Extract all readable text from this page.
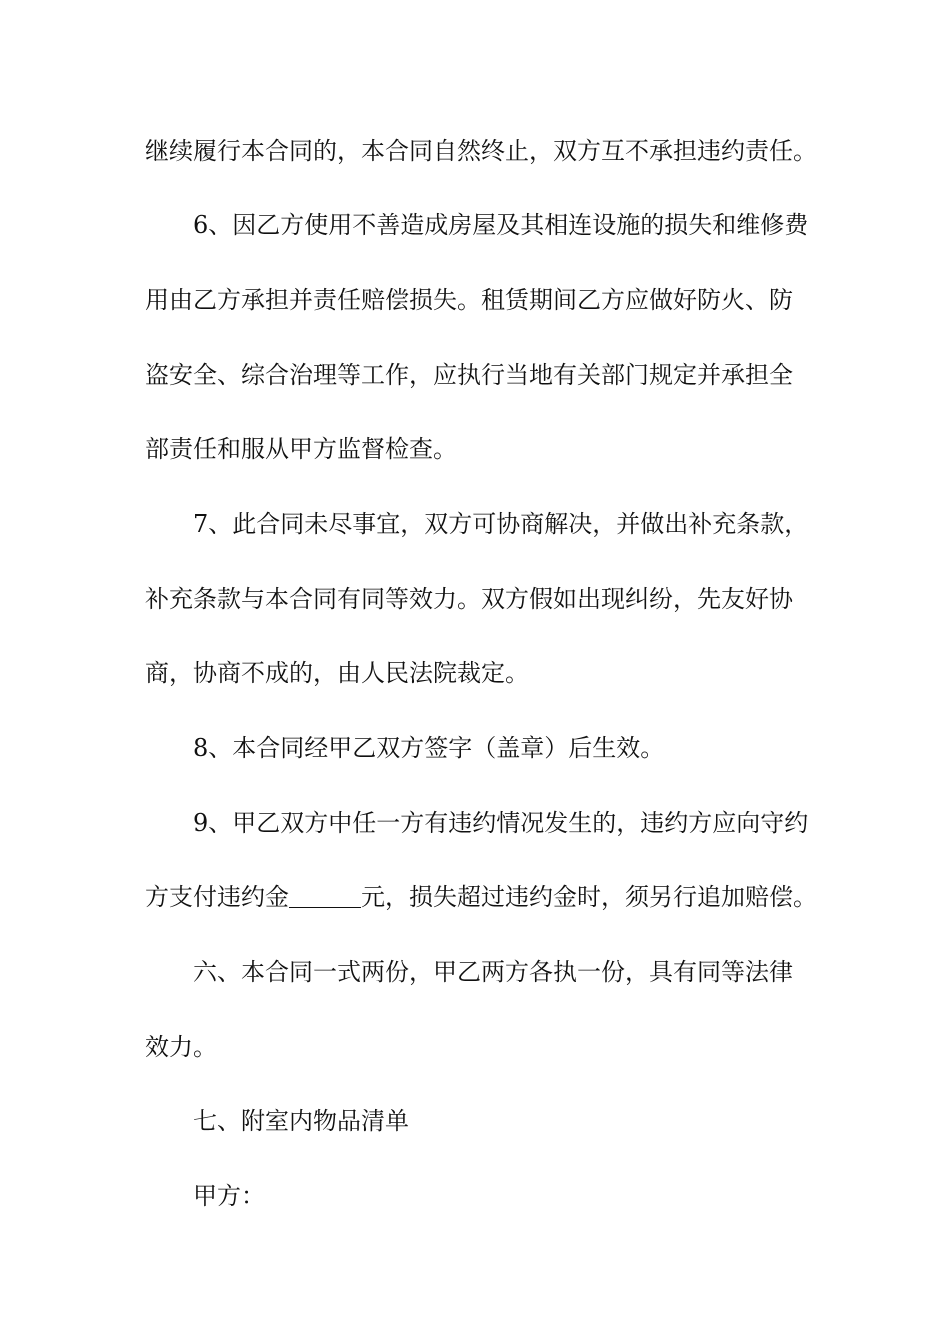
继续履行本合同的，本合同自然终止，双方互不承担违约责任。
6、因乙方使用不善造成房屋及其相连设施的损失和维修费
用由乙方承担并责任赔偿损失。租赁期间乙方应做好防火、防
盗安全、综合治理等工作，应执行当地有关部门规定并承担全
部责任和服从甲方监督检查。
7、此合同未尽事宜，双方可协商解决，并做出补充条款，
补充条款与本合同有同等效力。双方假如出现纠纷，先友好协
商，协商不成的，由人民法院裁定。
8、本合同经甲乙双方签字（盖章）后生效。
9、甲乙双方中任一方有违约情况发生的，违约方应向守约
方支付违约金	元，损失超过违约金时，须另行追加赔偿。
六、本合同一式两份，甲乙两方各执一份，具有同等法律
效力。
七、附室内物品清单
甲方：
